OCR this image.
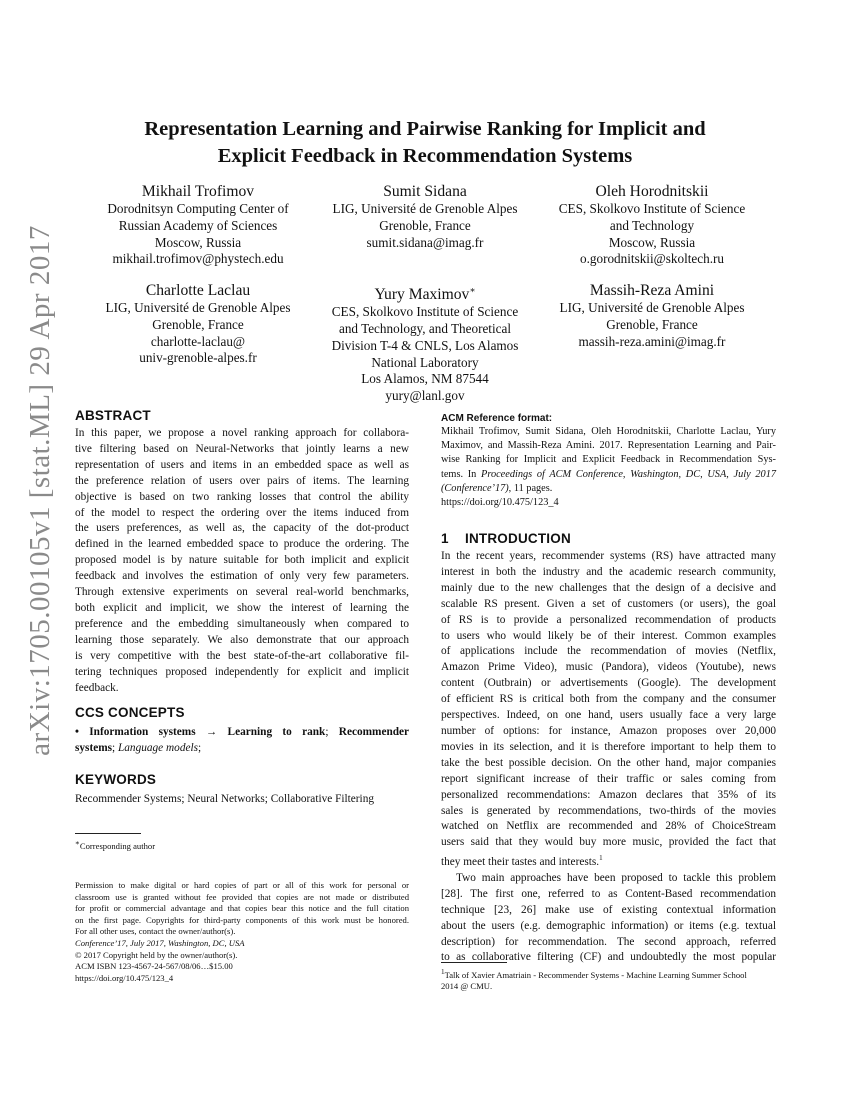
arXiv:1705.00105v1 [stat.ML] 29 Apr 2017
Representation Learning and Pairwise Ranking for Implicit and
Explicit Feedback in Recommendation Systems
Mikhail Trofimov
Dorodnitsyn Computing Center of
Russian Academy of Sciences
Moscow, Russia
mikhail.trofimov@phystech.edu
Sumit Sidana
LIG, Université de Grenoble Alpes
Grenoble, France
sumit.sidana@imag.fr
Oleh Horodnitskii
CES, Skolkovo Institute of Science
and Technology
Moscow, Russia
o.gorodnitskii@skoltech.ru
Charlotte Laclau
LIG, Université de Grenoble Alpes
Grenoble, France
charlotte-laclau@
univ-grenoble-alpes.fr
Yury Maximov∗
CES, Skolkovo Institute of Science
and Technology, and Theoretical
Division T-4 & CNLS, Los Alamos
National Laboratory
Los Alamos, NM 87544
yury@lanl.gov
Massih-Reza Amini
LIG, Université de Grenoble Alpes
Grenoble, France
massih-reza.amini@imag.fr
ABSTRACT
In this paper, we propose a novel ranking approach for collabora-
tive filtering based on Neural-Networks that jointly learns a new
representation of users and items in an embedded space as well as
the preference relation of users over pairs of items. The learning
objective is based on two ranking losses that control the ability
of the model to respect the ordering over the items induced from
the users preferences, as well as, the capacity of the dot-product
defined in the learned embedded space to produce the ordering. The
proposed model is by nature suitable for both implicit and explicit
feedback and involves the estimation of only very few parameters.
Through extensive experiments on several real-world benchmarks,
both explicit and implicit, we show the interest of learning the
preference and the embedding simultaneously when compared to
learning those separately. We also demonstrate that our approach
is very competitive with the best state-of-the-art collaborative fil-
tering techniques proposed independently for explicit and implicit
feedback.
CCS CONCEPTS
• Information systems → Learning to rank; Recommender
systems; Language models;
KEYWORDS
Recommender Systems; Neural Networks; Collaborative Filtering
∗Corresponding author
Permission to make digital or hard copies of part or all of this work for personal or
classroom use is granted without fee provided that copies are not made or distributed
for profit or commercial advantage and that copies bear this notice and the full citation
on the first page. Copyrights for third-party components of this work must be honored.
For all other uses, contact the owner/author(s).
Conference’17, July 2017, Washington, DC, USA
© 2017 Copyright held by the owner/author(s).
ACM ISBN 123-4567-24-567/08/06…$15.00
https://doi.org/10.475/123_4
ACM Reference format:
Mikhail Trofimov, Sumit Sidana, Oleh Horodnitskii, Charlotte Laclau, Yury
Maximov, and Massih-Reza Amini. 2017. Representation Learning and Pair-
wise Ranking for Implicit and Explicit Feedback in Recommendation Sys-
tems. In Proceedings of ACM Conference, Washington, DC, USA, July 2017
(Conference’17), 11 pages.
https://doi.org/10.475/123_4
1 INTRODUCTION
In the recent years, recommender systems (RS) have attracted many
interest in both the industry and the academic research community,
mainly due to the new challenges that the design of a decisive and
scalable RS present. Given a set of customers (or users), the goal
of RS is to provide a personalized recommendation of products
to users who would likely be of their interest. Common examples
of applications include the recommendation of movies (Netflix,
Amazon Prime Video), music (Pandora), videos (Youtube), news
content (Outbrain) or advertisements (Google). The development
of efficient RS is critical both from the company and the consumer
perspectives. Indeed, on one hand, users usually face a very large
number of options: for instance, Amazon proposes over 20,000
movies in its selection, and it is therefore important to help them to
take the best possible decision. On the other hand, major companies
report significant increase of their traffic or sales coming from
personalized recommendations: Amazon declares that 35% of its
sales is generated by recommendations, two-thirds of the movies
watched on Netflix are recommended and 28% of ChoiceStream
users said that they would buy more music, provided the fact that
they meet their tastes and interests.$^1$
Two main approaches have been proposed to tackle this problem
[28]. The first one, referred to as Content-Based recommendation
technique [23, 26] make use of existing contextual information
about the users (e.g. demographic information) or items (e.g. textual
description) for recommendation. The second approach, referred
to as collaborative filtering (CF) and undoubtedly the most popular
$^1$Talk of Xavier Amatriain - Recommender Systems - Machine Learning Summer School
2014 @ CMU.
